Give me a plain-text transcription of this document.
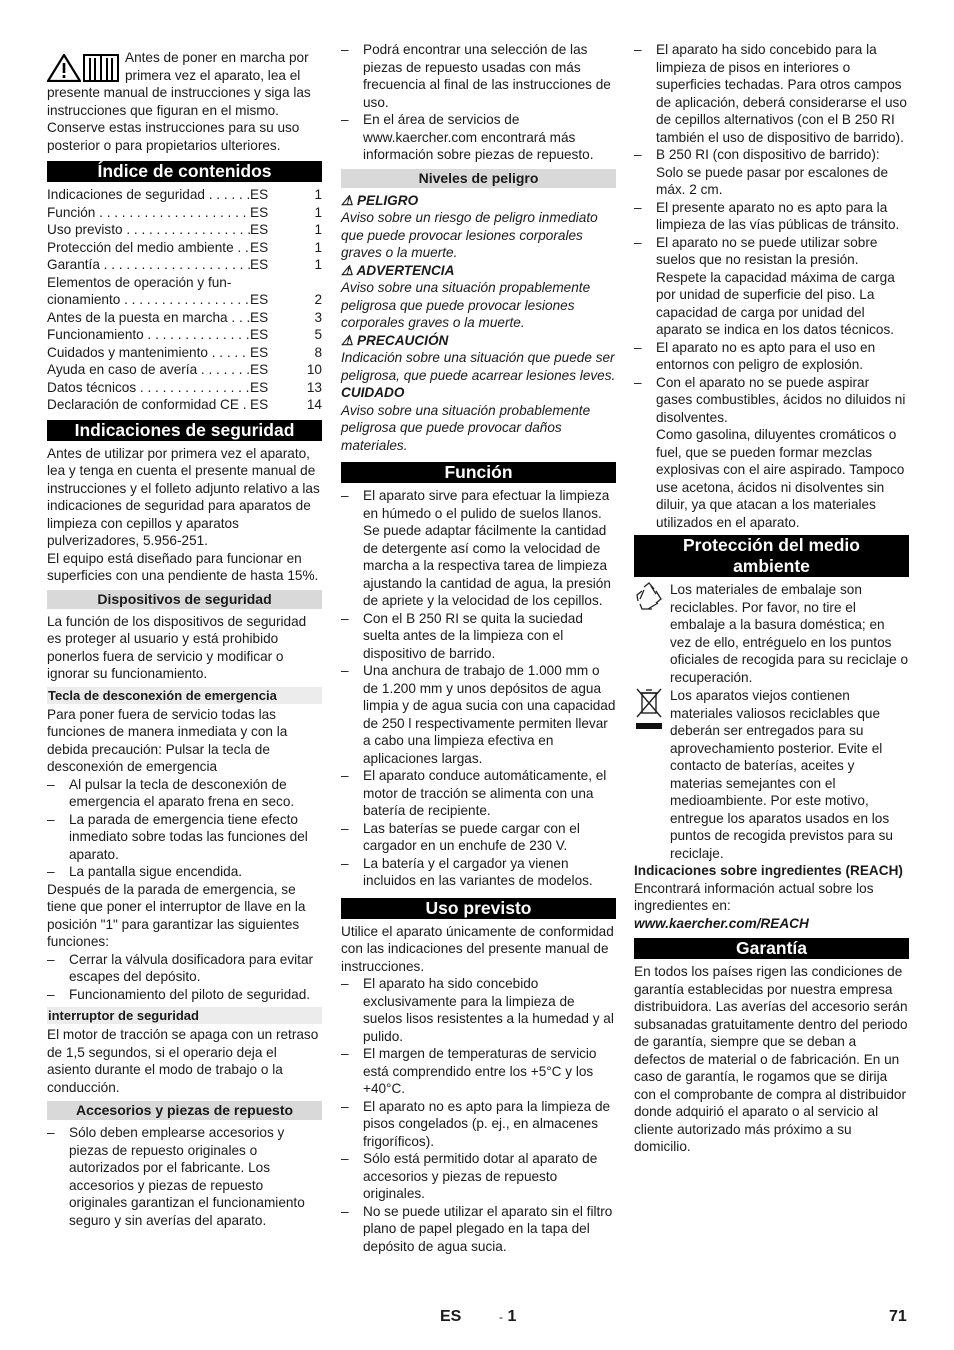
Antes de poner en marcha por primera vez el aparato, lea el presente manual de instrucciones y siga las instrucciones que figuran en el mismo. Conserve estas instrucciones para su uso posterior o para propietarios ulteriores.

Índice de contenidos
Indicaciones de seguridad . . .	ES	1
Función . . .	ES	1
Uso previsto . . .	ES	1
Protección del medio ambiente . . .	ES	1
Garantía . . .	ES	1
Elementos de operación y fun-
cionamiento . . .	ES	2
Antes de la puesta en marcha . . .	ES	3
Funcionamiento . . .	ES	5
Cuidados y mantenimiento . . .	ES	8
Ayuda en caso de avería . . .	ES	10
Datos técnicos . . .	ES	13
Declaración de conformidad CE . . . ES	14
Indicaciones de seguridad

Antes de utilizar por primera vez el aparato, lea y tenga en cuenta el presente manual de instrucciones y el folleto adjunto relativo a las indicaciones de seguridad para aparatos de limpieza con cepillos y aparatos pulverizadores, 5.956-251.

El equipo está diseñado para funcionar en superficies con una pendiente de hasta 15%.

Dispositivos de seguridad

La función de los dispositivos de seguridad es proteger al usuario y está prohibido ponerlos fuera de servicio y modificar o ignorar su funcionamiento.

Tecla de desconexión de emergencia

Para poner fuera de servicio todas las funciones de manera inmediata y con la debida precaución: Pulsar la tecla de desconexión de emergencia

– Al pulsar la tecla de desconexión de emergencia el aparato frena en seco.
– La parada de emergencia tiene efecto inmediato sobre todas las funciones del aparato.
– La pantalla sigue encendida.

Después de la parada de emergencia, se tiene que poner el interruptor de llave en la posición "1" para garantizar las siguientes funciones:

– Cerrar la válvula dosificadora para evitar escapes del depósito.
– Funcionamiento del piloto de seguridad.
interruptor de seguridad

El motor de tracción se apaga con un retraso de 1,5 segundos, si el operario deja el asiento durante el modo de trabajo o la conducción.

Accesorios y piezas de repuesto
– Sólo deben emplearse accesorios y piezas de repuesto originales o autorizados por el fabricante. Los accesorios y piezas de repuesto originales garantizan el funcionamiento seguro y sin averías del aparato.
– Podrá encontrar una selección de las piezas de repuesto usadas con más frecuencia al final de las instrucciones de uso.
– En el área de servicios de www.kaercher.com encontrará más información sobre piezas de repuesto.
Niveles de peligro
⚠ PELIGRO
Aviso sobre un riesgo de peligro inmediato que puede provocar lesiones corporales graves o la muerte.
⚠ ADVERTENCIA
Aviso sobre una situación propablemente peligrosa que puede provocar lesiones corporales graves o la muerte.
⚠ PRECAUCIÓN
Indicación sobre una situación que puede ser peligrosa, que puede acarrear lesiones leves.
CUIDADO
Aviso sobre una situación probablemente peligrosa que puede provocar daños materiales.
Función
– El aparato sirve para efectuar la limpieza en húmedo o el pulido de suelos llanos. Se puede adaptar fácilmente la cantidad de detergente así como la velocidad de marcha a la respectiva tarea de limpieza ajustando la cantidad de agua, la presión de apriete y la velocidad de los cepillos.
– Con el B 250 RI se quita la suciedad suelta antes de la limpieza con el dispositivo de barrido.
– Una anchura de trabajo de 1.000 mm o de 1.200 mm y unos depósitos de agua limpia y de agua sucia con una capacidad de 250 l respectivamente permiten llevar a cabo una limpieza efectiva en aplicaciones largas.
– El aparato conduce automáticamente, el motor de tracción se alimenta con una batería de recipiente.
– Las baterías se puede cargar con el cargador en un enchufe de 230 V.
– La batería y el cargador ya vienen incluidos en las variantes de modelos.
Uso previsto

Utilice el aparato únicamente de conformidad con las indicaciones del presente manual de instrucciones.

– El aparato ha sido concebido exclusivamente para la limpieza de suelos lisos resistentes a la humedad y al pulido.
– El margen de temperaturas de servicio está comprendido entre los +5°C y los +40°C.
– El aparato no es apto para la limpieza de pisos congelados (p. ej., en almacenes frigoríficos).
– Sólo está permitido dotar al aparato de accesorios y piezas de repuesto originales.
– No se puede utilizar el aparato sin el filtro plano de papel plegado en la tapa del depósito de agua sucia.
– El aparato ha sido concebido para la limpieza de pisos en interiores o superficies techadas. Para otros campos de aplicación, deberá considerarse el uso de cepillos alternativos (con el B 250 RI también el uso de dispositivo de barrido).
– B 250 RI (con dispositivo de barrido): Solo se puede pasar por escalones de máx. 2 cm.
– El presente aparato no es apto para la limpieza de las vías públicas de tránsito.
– El aparato no se puede utilizar sobre suelos que no resistan la presión. Respete la capacidad máxima de carga por unidad de superficie del piso. La capacidad de carga por unidad del aparato se indica en los datos técnicos.
– El aparato no es apto para el uso en entornos con peligro de explosión.
– Con el aparato no se puede aspirar gases combustibles, ácidos no diluidos ni disolventes.
Como gasolina, diluyentes cromáticos o fuel, que se pueden formar mezclas explosivas con el aire aspirado. Tampoco use acetona, ácidos ni disolventes sin diluir, ya que atacan a los materiales utilizados en el aparato.
Protección del medio ambiente

Los materiales de embalaje son reciclables. Por favor, no tire el embalaje a la basura doméstica; en vez de ello, entréguelo en los puntos oficiales de recogida para su reciclaje o recuperación.

Los aparatos viejos contienen materiales valiosos reciclables que deberán ser entregados para su aprovechamiento posterior. Evite el contacto de baterías, aceites y materias semejantes con el medioambiente. Por este motivo, entregue los aparatos usados en los puntos de recogida previstos para su reciclaje.

Indicaciones sobre ingredientes (REACH)

Encontrará información actual sobre los ingredientes en:

www.kaercher.com/REACH
Garantía

En todos los países rigen las condiciones de garantía establecidas por nuestra empresa distribuidora. Las averías del accesorio serán subsanadas gratuitamente dentro del periodo de garantía, siempre que se deban a defectos de material o de fabricación. En un caso de garantía, le rogamos que se dirija con el comprobante de compra al distribuidor donde adquirió el aparato o al servicio al cliente autorizado más próximo a su domicilio.

ES	- 1	71
